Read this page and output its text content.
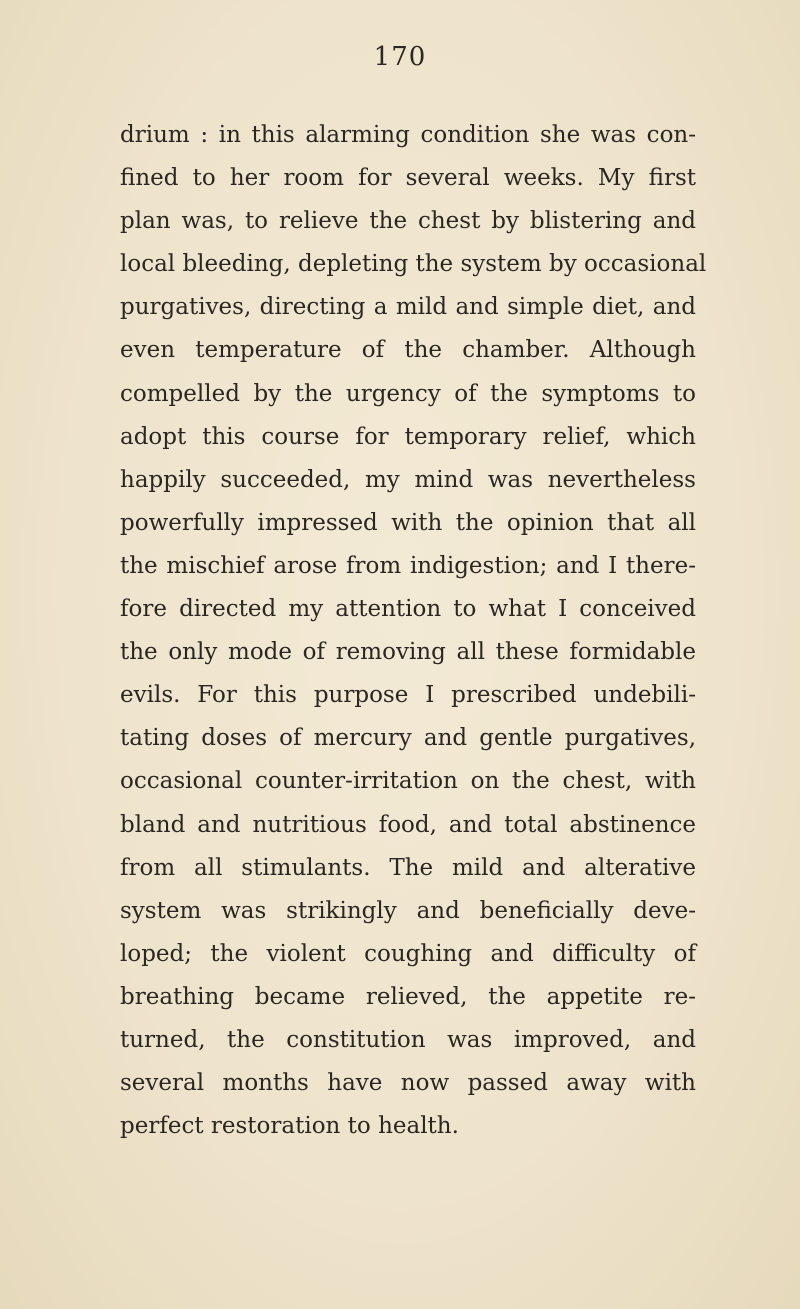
170
drium : in this alarming condition she was con-
fined to her room for several weeks. My first
plan was, to relieve the chest by blistering and
local bleeding, depleting the system by occasional
purgatives, directing a mild and simple diet, and
even temperature of the chamber. Although
compelled by the urgency of the symptoms to
adopt this course for temporary relief, which
happily succeeded, my mind was nevertheless
powerfully impressed with the opinion that all
the mischief arose from indigestion; and I there-
fore directed my attention to what I conceived
the only mode of removing all these formidable
evils. For this purpose I prescribed undebili-
tating doses of mercury and gentle purgatives,
occasional counter-irritation on the chest, with
bland and nutritious food, and total abstinence
from all stimulants. The mild and alterative
system was strikingly and beneficially deve-
loped; the violent coughing and difficulty of
breathing became relieved, the appetite re-
turned, the constitution was improved, and
several months have now passed away with
perfect restoration to health.
